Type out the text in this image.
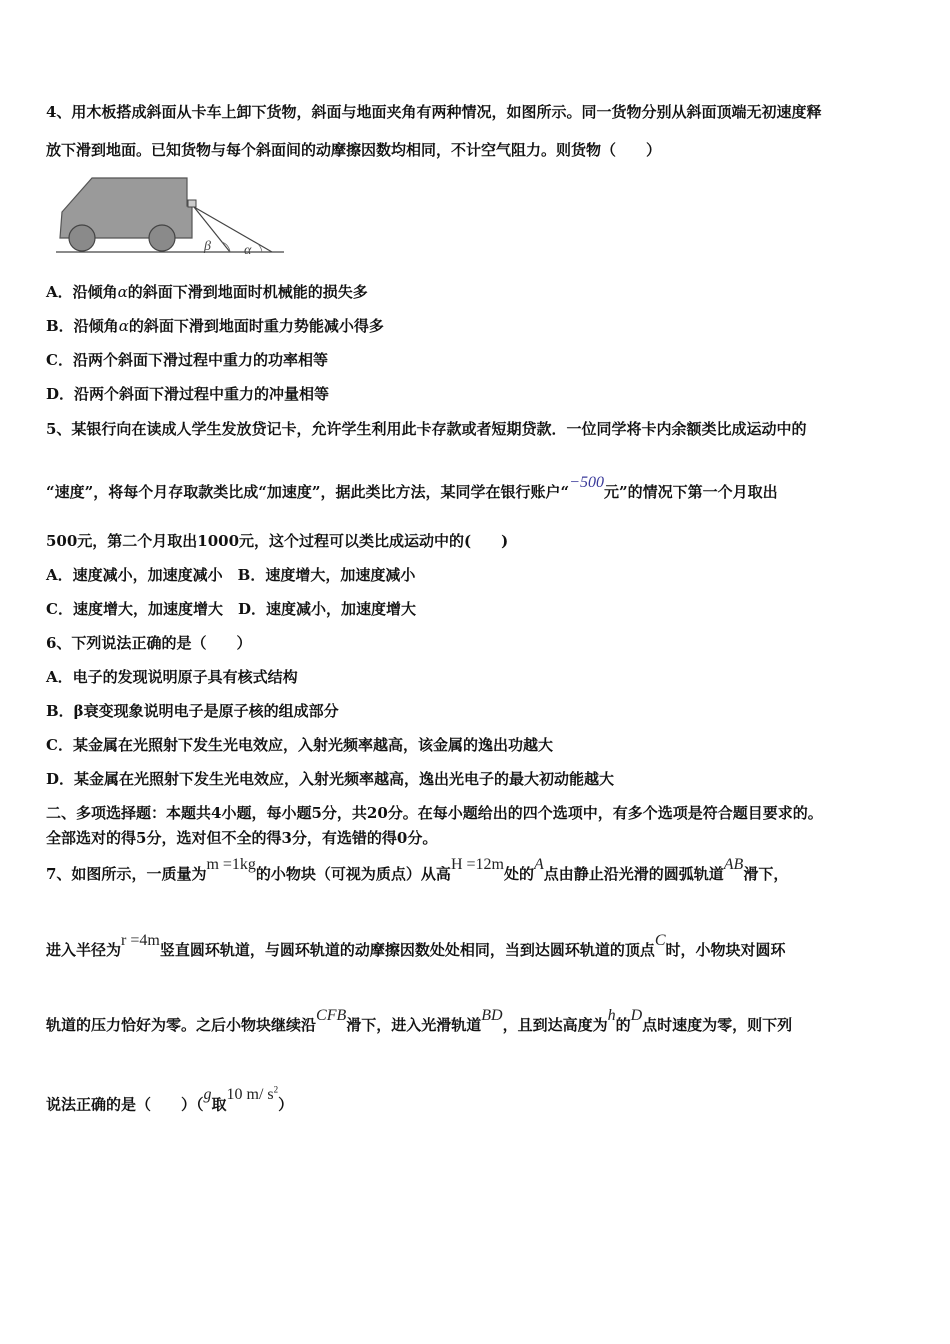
4、用木板搭成斜面从卡车上卸下货物，斜面与地面夹角有两种情况，如图所示。同一货物分别从斜面顶端无初速度释
放下滑到地面。已知货物与每个斜面间的动摩擦因数均相同，不计空气阻力。则货物（　　）
β α
A．沿倾角α的斜面下滑到地面时机械能的损失多
B．沿倾角α的斜面下滑到地面时重力势能减小得多
C．沿两个斜面下滑过程中重力的功率相等
D．沿两个斜面下滑过程中重力的冲量相等
5、某银行向在读成人学生发放贷记卡，允许学生利用此卡存款或者短期贷款．一位同学将卡内余额类比成运动中的
“速度”，将每个月存取款类比成“加速度”，据此类比方法，某同学在银行账户“−500元”的情况下第一个月取出
500元，第二个月取出1000元，这个过程可以类比成运动中的(　　)
A．速度减小，加速度减小　B．速度增大，加速度减小
C．速度增大，加速度增大　D．速度减小，加速度增大
6、下列说法正确的是（　　）
A．电子的发现说明原子具有核式结构
B．β衰变现象说明电子是原子核的组成部分
C．某金属在光照射下发生光电效应，入射光频率越高，该金属的逸出功越大
D．某金属在光照射下发生光电效应，入射光频率越高，逸出光电子的最大初动能越大
二、多项选择题：本题共4小题，每小题5分，共20分。在每小题给出的四个选项中，有多个选项是符合题目要求的。
全部选对的得5分，选对但不全的得3分，有选错的得0分。
7、如图所示，一质量为m =1kg的小物块（可视为质点）从高H =12m处的A点由静止沿光滑的圆弧轨道AB滑下，
进入半径为r =4m竖直圆环轨道，与圆环轨道的动摩擦因数处处相同，当到达圆环轨道的顶点C时，小物块对圆环
轨道的压力恰好为零。之后小物块继续沿CFB滑下，进入光滑轨道BD，且到达高度为h的D点时速度为零，则下列
说法正确的是（　　）（g取10 m/ $s^2$）
